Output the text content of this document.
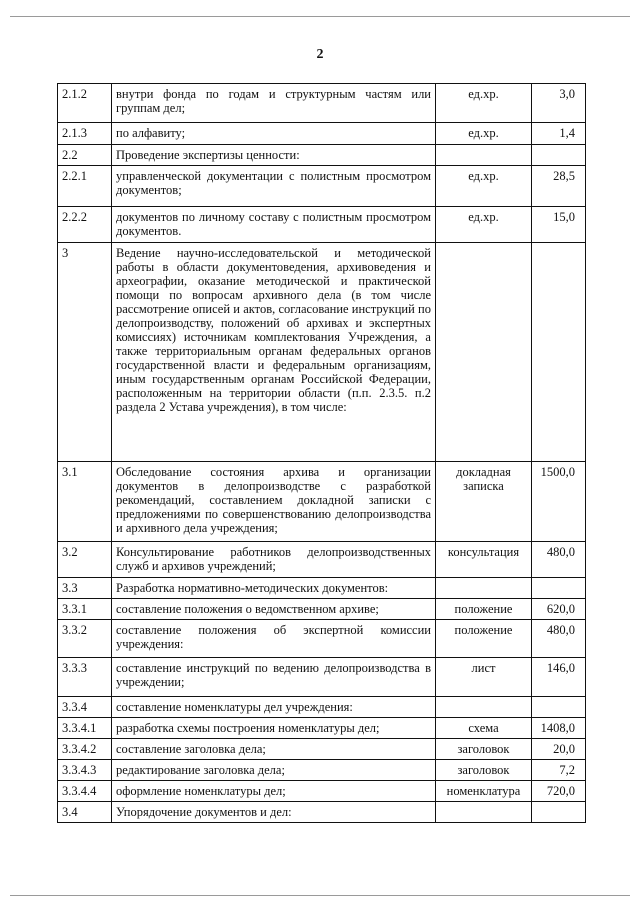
2
2.1.2	внутри фонда по годам и структурным частям или группам дел;	ед.хр.	3,0
2.1.3	по алфавиту;	ед.хр.	1,4
2.2	Проведение экспертизы ценности:		
2.2.1	управленческой документации с полистным просмотром документов;	ед.хр.	28,5
2.2.2	документов по личному составу с полистным просмотром документов.	ед.хр.	15,0
3	Ведение научно-исследовательской и методической работы в области документоведения, архивоведения и археографии, оказание методической и практической помощи по вопросам архивного дела (в том числе рассмотрение описей и актов, согласование инструкций по делопроизводству, положений об архивах и экспертных комиссиях) источникам комплектования Учреждения, а также территориальным органам федеральных органов государственной власти и федеральным организациям, иным государственным органам Российской Федерации, расположенным на территории области (п.п. 2.3.5. п.2 раздела 2 Устава учреждения), в том числе:		
3.1	Обследование состояния архива и организации документов в делопроизводстве с разработкой рекомендаций, составлением докладной записки с предложениями по совершенствованию делопроизводства и архивного дела учреждения;	докладная записка	1500,0
3.2	Консультирование работников делопроизводственных служб и архивов учреждений;	консультация	480,0
3.3	Разработка нормативно-методических документов:		
3.3.1	составление положения о ведомственном архиве;	положение	620,0
3.3.2	составление положения об экспертной комиссии учреждения:	положение	480,0
3.3.3	составление инструкций по ведению делопроизводства в учреждении;	лист	146,0
3.3.4	составление номенклатуры дел учреждения:		
3.3.4.1	разработка схемы построения номенклатуры дел;	схема	1408,0
3.3.4.2	составление заголовка дела;	заголовок	20,0
3.3.4.3	редактирование заголовка дела;	заголовок	7,2
3.3.4.4	оформление номенклатуры дел;	номенклатура	720,0
3.4	Упорядочение документов и дел:		
